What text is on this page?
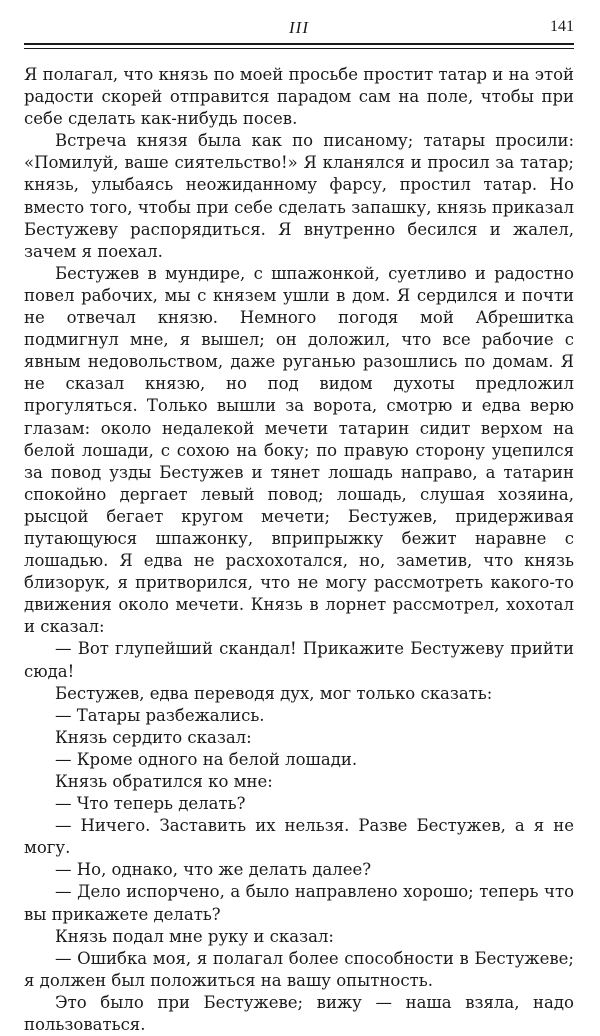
III	141

Я полагал, что князь по моей просьбе простит татар и на этой радости скорей отправится парадом сам на поле, чтобы при себе сделать как-нибудь посев.

Встреча князя была как по писаному; татары просили: «Помилуй, ваше сиятельство!» Я кланялся и просил за татар; князь, улыбаясь неожиданному фарсу, простил татар. Но вместо того, чтобы при себе сделать запашку, князь приказал Бестужеву распорядиться. Я внутренно бесился и жалел, зачем я поехал.

Бестужев в мундире, с шпажонкой, суетливо и радостно повел рабочих, мы с князем ушли в дом. Я сердился и почти не отвечал князю. Немного погодя мой Абрешитка подмигнул мне, я вышел; он доложил, что все рабочие с явным недовольством, даже руганью разошлись по домам. Я не сказал князю, но под видом духоты предложил прогуляться. Только вышли за ворота, смотрю и едва верю глазам: около недалекой мечети татарин сидит верхом на белой лошади, с сохою на боку; по правую сторону уцепился за повод узды Бестужев и тянет лошадь направо, а татарин спокойно дергает левый повод; лошадь, слушая хозяина, рысцой бегает кругом мечети; Бестужев, придерживая путающуюся шпажонку, вприпрыжку бежит наравне с лошадью. Я едва не расхохотался, но, заметив, что князь близорук, я притворился, что не могу рассмотреть какого-то движения около мечети. Князь в лорнет рассмотрел, хохотал и сказал:

— Вот глупейший скандал! Прикажите Бестужеву прийти сюда!

Бестужев, едва переводя дух, мог только сказать:

— Татары разбежались.

Князь сердито сказал:

— Кроме одного на белой лошади.

Князь обратился ко мне:

— Что теперь делать?

— Ничего. Заставить их нельзя. Разве Бестужев, а я не могу.

— Но, однако, что же делать далее?

— Дело испорчено, а было направлено хорошо; теперь что вы прикажете делать?

Князь подал мне руку и сказал:

— Ошибка моя, я полагал более способности в Бестужеве; я должен был положиться на вашу опытность.

Это было при Бестужеве; вижу — наша взяла, надо пользоваться.
